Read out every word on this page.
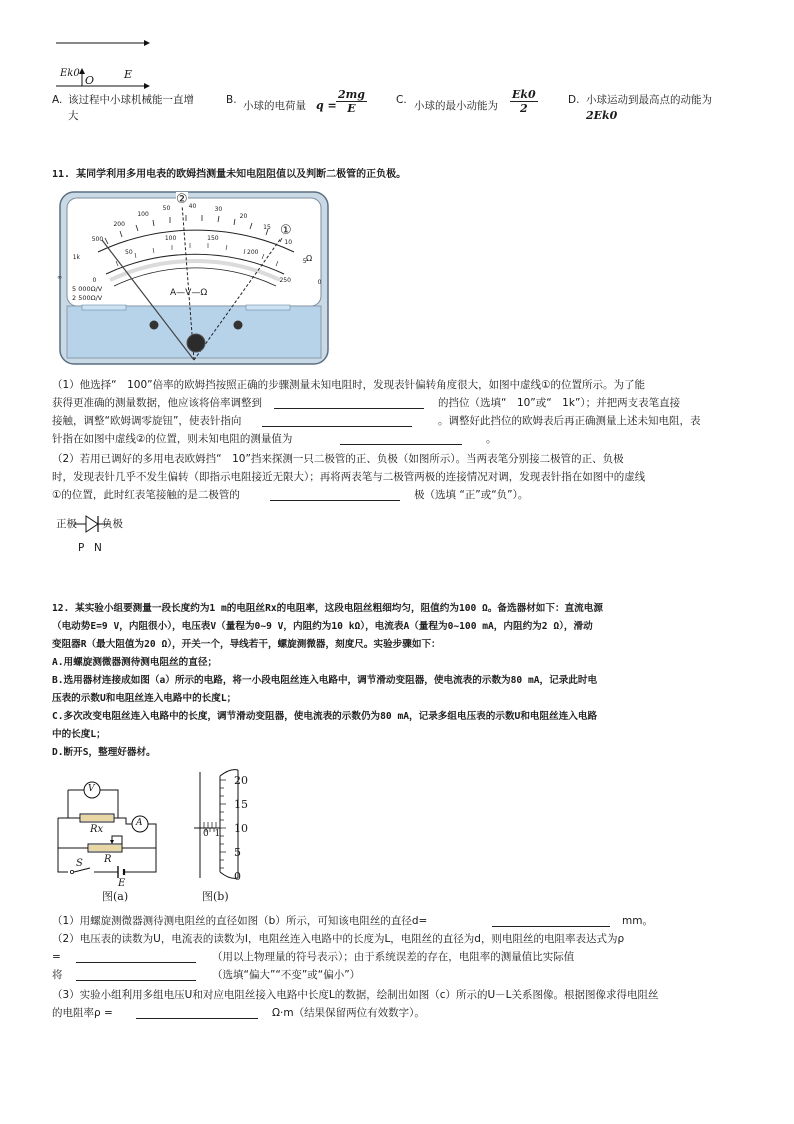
Ek0
O	E
A. 该过程中小球机械能一直增
大
B. 小球的电荷量 $q = \frac{2mg}{E}$	C. 小球的最小动能为 $\frac{Ek0}{2}$	D. 小球运动到最高点的动能为
2Ek0
11. 某同学利用多用电表的欧姆挡测量未知电阻阻值以及判断二极管的正负极。
②
①
Ω
A—V—Ω
5 000Ω/V
2 500Ω/V
∞
1k
500
200
100
50	40	30
20
15
10
5
0
0
50
100	150
200
250
（1）他选择“　100”倍率的欧姆挡按照正确的步骤测量未知电阻时，发现表针偏转角度很大，如图中虚线①的位置所示。为了能
获得更准确的测量数据，他应该将倍率调整到	的挡位（选填“　10”或“　1k”）；并把两支表笔直接
接触，调整“欧姆调零旋钮”，使表针指向	。调整好此挡位的欧姆表后再正确测量上述未知电阻，表
针指在如图中虚线②的位置，则未知电阻的测量值为	。
（2）若用已调好的多用电表欧姆挡“　10”挡来探测一只二极管的正、负极（如图所示）。当两表笔分别接二极管的正、负极
时，发现表针几乎不发生偏转（即指示电阻接近无限大）；再将两表笔与二极管两极的连接情况对调，发现表针指在如图中的虚线
①的位置，此时红表笔接触的是二极管的	极（选填 “正”或“负”）。
正极 负极
P N
12. 某实验小组要测量一段长度约为1 m的电阻丝Rx的电阻率，这段电阻丝粗细均匀，阻值约为100 Ω。备选器材如下：直流电源
（电动势E=9 V，内阻很小），电压表V（量程为0~9 V，内阻约为10 kΩ），电流表A（量程为0~100 mA，内阻约为2 Ω），滑动
变阻器R（最大阻值为20 Ω），开关一个，导线若干，螺旋测微器，刻度尺。实验步骤如下：
A.用螺旋测微器测待测电阻丝的直径；
B.选用器材连接成如图（a）所示的电路，将一小段电阻丝连入电路中，调节滑动变阻器，使电流表的示数为80 mA，记录此时电
压表的示数U和电阻丝连入电路中的长度L；
C.多次改变电阻丝连入电路中的长度，调节滑动变阻器，使电流表的示数仍为80 mA，记录多组电压表的示数U和电阻丝连入电路
中的长度L；
D.断开S，整理好器材。
V
A
Rx
R
S
E
图(a)
20
15
10
5
0
0  1
图(b)
（1）用螺旋测微器测待测电阻丝的直径如图（b）所示，可知该电阻丝的直径d=	mm。
（2）电压表的读数为U，电流表的读数为I，电阻丝连入电路中的长度为L，电阻丝的直径为d，则电阻丝的电阻率表达式为ρ
=	（用以上物理量的符号表示）；由于系统误差的存在，电阻率的测量值比实际值
将	（选填“偏大”“不变”或“偏小”）
（3）实验小组利用多组电压U和对应电阻丝接入电路中长度L的数据，绘制出如图（c）所示的U－L关系图像。根据图像求得电阻丝
的电阻率ρ =	Ω·m（结果保留两位有效数字）。
